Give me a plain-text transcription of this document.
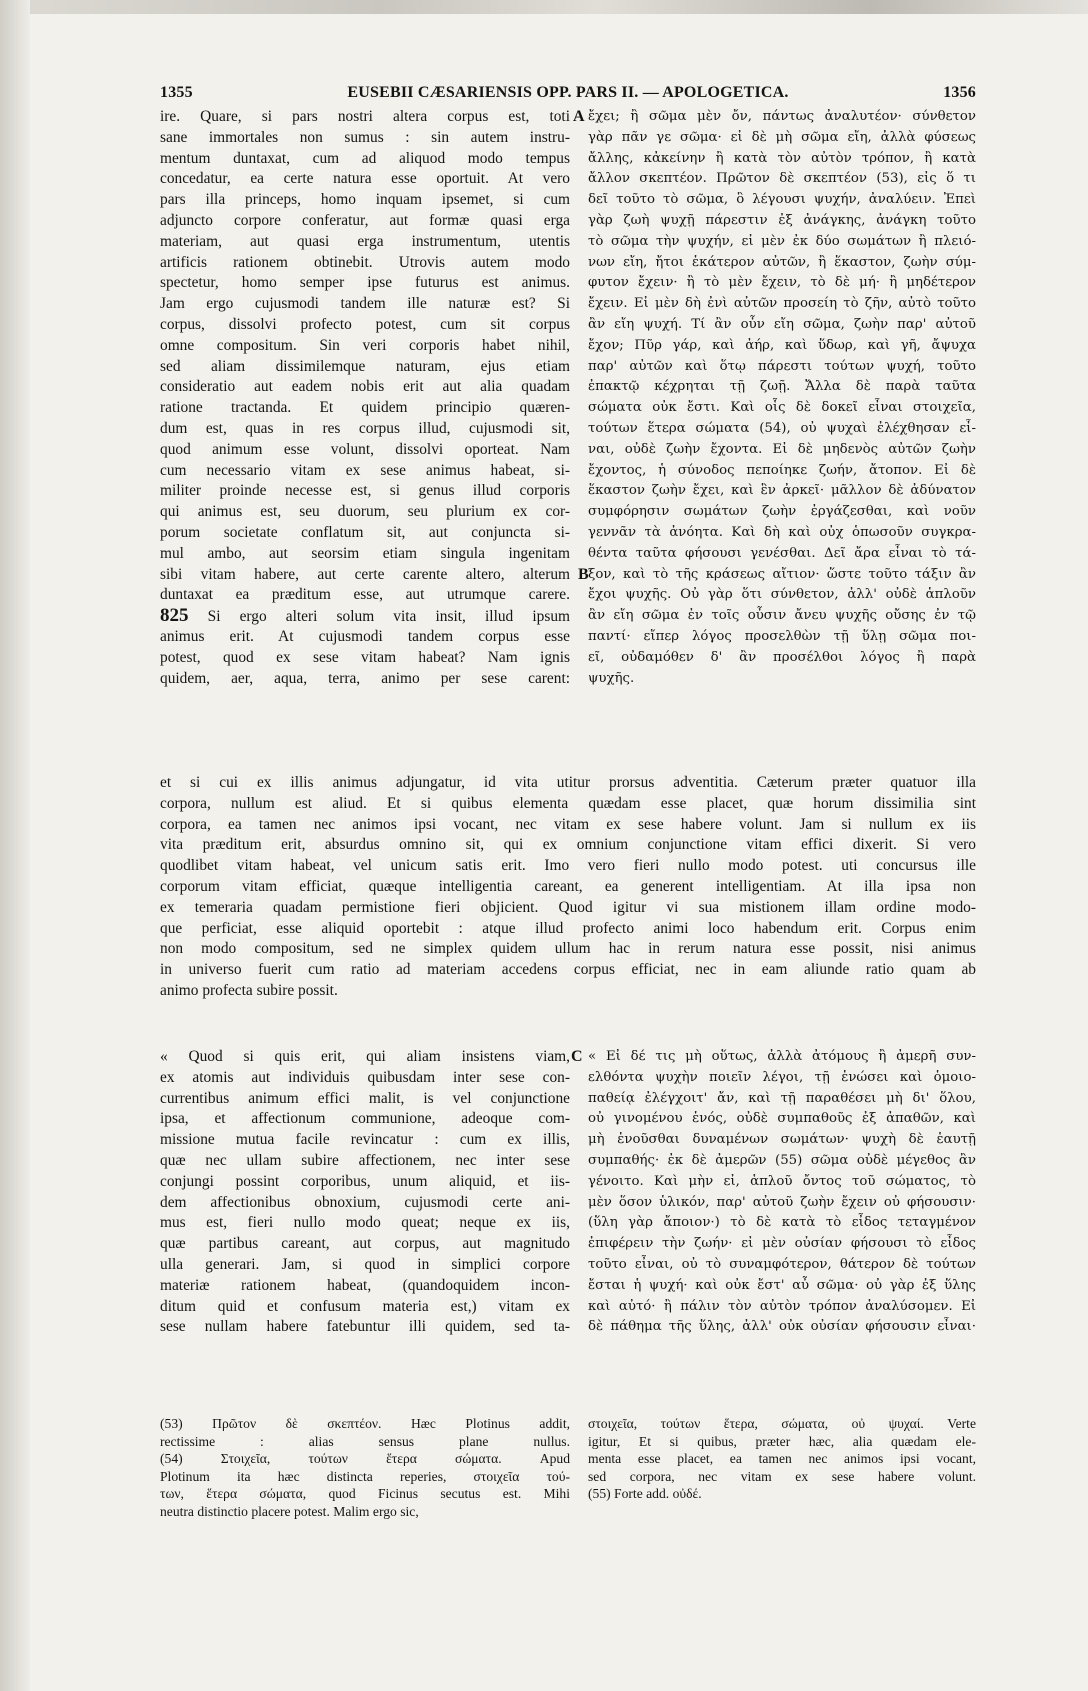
1355	EUSEBII CÆSARIENSIS OPP. PARS II. — APOLOGETICA.	1356
A
B
C
ire. Quare, si pars nostri altera corpus est, toti
sane immortales non sumus : sin autem instru-
mentum duntaxat, cum ad aliquod modo tempus
concedatur, ea certe natura esse oportuit. At vero
pars illa princeps, homo inquam ipsemet, si cum
adjuncto corpore conferatur, aut formæ quasi erga
materiam, aut quasi erga instrumentum, utentis
artificis rationem obtinebit. Utrovis autem modo
spectetur, homo semper ipse futurus est animus.
Jam ergo cujusmodi tandem ille naturæ est? Si
corpus, dissolvi profecto potest, cum sit corpus
omne compositum. Sin veri corporis habet nihil,
sed aliam dissimilemque naturam, ejus etiam
consideratio aut eadem nobis erit aut alia quadam
ratione tractanda. Et quidem principio quæren-
dum est, quas in res corpus illud, cujusmodi sit,
quod animum esse volunt, dissolvi oporteat. Nam
cum necessario vitam ex sese animus habeat, si-
militer proinde necesse est, si genus illud corporis
qui animus est, seu duorum, seu plurium ex cor-
porum societate conflatum sit, aut conjuncta si-
mul ambo, aut seorsim etiam singula ingenitam
sibi vitam habere, aut certe carente altero, alterum
duntaxat ea præditum esse, aut utrumque carere.
825 Si ergo alteri solum vita insit, illud ipsum
animus erit. At cujusmodi tandem corpus esse
potest, quod ex sese vitam habeat? Nam ignis
quidem, aer, aqua, terra, animo per sese carent:
ἔχει; ἢ σῶμα μὲν ὄν, πάντως ἀναλυτέον· σύνθετον
γὰρ πᾶν γε σῶμα· εἰ δὲ μὴ σῶμα εἴη, ἀλλὰ φύσεως
ἄλλης, κἀκείνην ἢ κατὰ τὸν αὐτὸν τρόπον, ἢ κατὰ
ἄλλον σκεπτέον. Πρῶτον δὲ σκεπτέον (53), εἰς ὅ τι
δεῖ τοῦτο τὸ σῶμα, ὃ λέγουσι ψυχήν, ἀναλύειν. Ἐπεὶ
γὰρ ζωὴ ψυχῇ πάρεστιν ἐξ ἀνάγκης, ἀνάγκη τοῦτο
τὸ σῶμα τὴν ψυχήν, εἰ μὲν ἐκ δύο σωμάτων ἢ πλειό-
νων εἴη, ἤτοι ἑκάτερον αὐτῶν, ἢ ἕκαστον, ζωὴν σύμ-
φυτον ἔχειν· ἢ τὸ μὲν ἔχειν, τὸ δὲ μή· ἢ μηδέτερον
ἔχειν. Εἰ μὲν δὴ ἐνὶ αὐτῶν προσείη τὸ ζῆν, αὐτὸ τοῦτο
ἂν εἴη ψυχή. Τί ἂν οὖν εἴη σῶμα, ζωὴν παρ' αὐτοῦ
ἔχον; Πῦρ γάρ, καὶ ἀήρ, καὶ ὕδωρ, καὶ γῆ, ἄψυχα
παρ' αὐτῶν καὶ ὅτῳ πάρεστι τούτων ψυχή, τοῦτο
ἐπακτῷ κέχρηται τῇ ζωῇ. Ἄλλα δὲ παρὰ ταῦτα
σώματα οὐκ ἔστι. Καὶ οἷς δὲ δοκεῖ εἶναι στοιχεῖα,
τούτων ἕτερα σώματα (54), οὐ ψυχαὶ ἐλέχθησαν εἶ-
ναι, οὐδὲ ζωὴν ἔχοντα. Εἰ δὲ μηδενὸς αὐτῶν ζωὴν
ἔχοντος, ἡ σύνοδος πεποίηκε ζωήν, ἄτοπον. Εἰ δὲ
ἕκαστον ζωὴν ἔχει, καὶ ἓν ἀρκεῖ· μᾶλλον δὲ ἀδύνατον
συμφόρησιν σωμάτων ζωὴν ἐργάζεσθαι, καὶ νοῦν
γεννᾶν τὰ ἀνόητα. Καὶ δὴ καὶ οὐχ ὁπωσοῦν συγκρα-
θέντα ταῦτα φήσουσι γενέσθαι. Δεῖ ἄρα εἶναι τὸ τά-
ξον, καὶ τὸ τῆς κράσεως αἴτιον· ὥστε τοῦτο τάξιν ἂν
ἔχοι ψυχῆς. Οὐ γὰρ ὅτι σύνθετον, ἀλλ' οὐδὲ ἁπλοῦν
ἂν εἴη σῶμα ἐν τοῖς οὖσιν ἄνευ ψυχῆς οὔσης ἐν τῷ
παντί· εἴπερ λόγος προσελθὼν τῇ ὕλῃ σῶμα ποι-
εῖ, οὐδαμόθεν δ' ἂν προσέλθοι λόγος ἢ παρὰ
ψυχῆς.
et si cui ex illis animus adjungatur, id vita utitur prorsus adventitia. Cæterum præter quatuor illa
corpora, nullum est aliud. Et si quibus elementa quædam esse placet, quæ horum dissimilia sint
corpora, ea tamen nec animos ipsi vocant, nec vitam ex sese habere volunt. Jam si nullum ex iis
vita præditum erit, absurdus omnino sit, qui ex omnium conjunctione vitam effici dixerit. Si vero
quodlibet vitam habeat, vel unicum satis erit. Imo vero fieri nullo modo potest. uti concursus ille
corporum vitam efficiat, quæque intelligentia careant, ea generent intelligentiam. At illa ipsa non
ex temeraria quadam permistione fieri objicient. Quod igitur vi sua mistionem illam ordine modo-
que perficiat, esse aliquid oportebit : atque illud profecto animi loco habendum erit. Corpus enim
non modo compositum, sed ne simplex quidem ullum hac in rerum natura esse possit, nisi animus
in universo fuerit cum ratio ad materiam accedens corpus efficiat, nec in eam aliunde ratio quam ab
animo profecta subire possit.
« Quod si quis erit, qui aliam insistens viam,
ex atomis aut individuis quibusdam inter sese con-
currentibus animum effici malit, is vel conjunctione
ipsa, et affectionum communione, adeoque com-
missione mutua facile revincatur : cum ex illis,
quæ nec ullam subire affectionem, nec inter sese
conjungi possint corporibus, unum aliquid, et iis-
dem affectionibus obnoxium, cujusmodi certe ani-
mus est, fieri nullo modo queat; neque ex iis,
quæ partibus careant, aut corpus, aut magnitudo
ulla generari. Jam, si quod in simplici corpore
materiæ rationem habeat, (quandoquidem incon-
ditum quid et confusum materia est,) vitam ex
sese nullam habere fatebuntur illi quidem, sed ta-
« Εἰ δέ τις μὴ οὕτως, ἀλλὰ ἀτόμους ἢ ἀμερῆ συν-
ελθόντα ψυχὴν ποιεῖν λέγοι, τῇ ἑνώσει καὶ ὁμοιο-
παθείᾳ ἐλέγχοιτ' ἄν, καὶ τῇ παραθέσει μὴ δι' ὅλου,
οὐ γινομένου ἑνός, οὐδὲ συμπαθοῦς ἐξ ἀπαθῶν, καὶ
μὴ ἑνοῦσθαι δυναμένων σωμάτων· ψυχὴ δὲ ἑαυτῇ
συμπαθής· ἐκ δὲ ἀμερῶν (55) σῶμα οὐδὲ μέγεθος ἂν
γένοιτο. Καὶ μὴν εἰ, ἁπλοῦ ὄντος τοῦ σώματος, τὸ
μὲν ὅσον ὑλικόν, παρ' αὐτοῦ ζωὴν ἔχειν οὐ φήσουσιν·
(ὕλη γὰρ ἄποιον·) τὸ δὲ κατὰ τὸ εἶδος τεταγμένον
ἐπιφέρειν τὴν ζωήν· εἰ μὲν οὐσίαν φήσουσι τὸ εἶδος
τοῦτο εἶναι, οὐ τὸ συναμφότερον, θάτερον δὲ τούτων
ἔσται ἡ ψυχή· καὶ οὐκ ἔστ' αὖ σῶμα· οὐ γὰρ ἐξ ὕλης
καὶ αὐτό· ἢ πάλιν τὸν αὐτὸν τρόπον ἀναλύσομεν. Εἰ
δὲ πάθημα τῆς ὕλης, ἀλλ' οὐκ οὐσίαν φήσουσιν εἶναι·
(53) Πρῶτον δὲ σκεπτέον. Hæc Plotinus addit,
rectissime : alias sensus plane nullus.
(54) Στοιχεῖα, τούτων ἕτερα σώματα. Apud
Plotinum ita hæc distincta reperies, στοιχεῖα τού-
των, ἕτερα σώματα, quod Ficinus secutus est. Mihi
neutra distinctio placere potest. Malim ergo sic,
στοιχεῖα, τούτων ἕτερα, σώματα, οὐ ψυχαί. Verte
igitur, Et si quibus, præter hæc, alia quædam ele-
menta esse placet, ea tamen nec animos ipsi vocant,
sed corpora, nec vitam ex sese habere volunt.
(55) Forte add. οὐδέ.
